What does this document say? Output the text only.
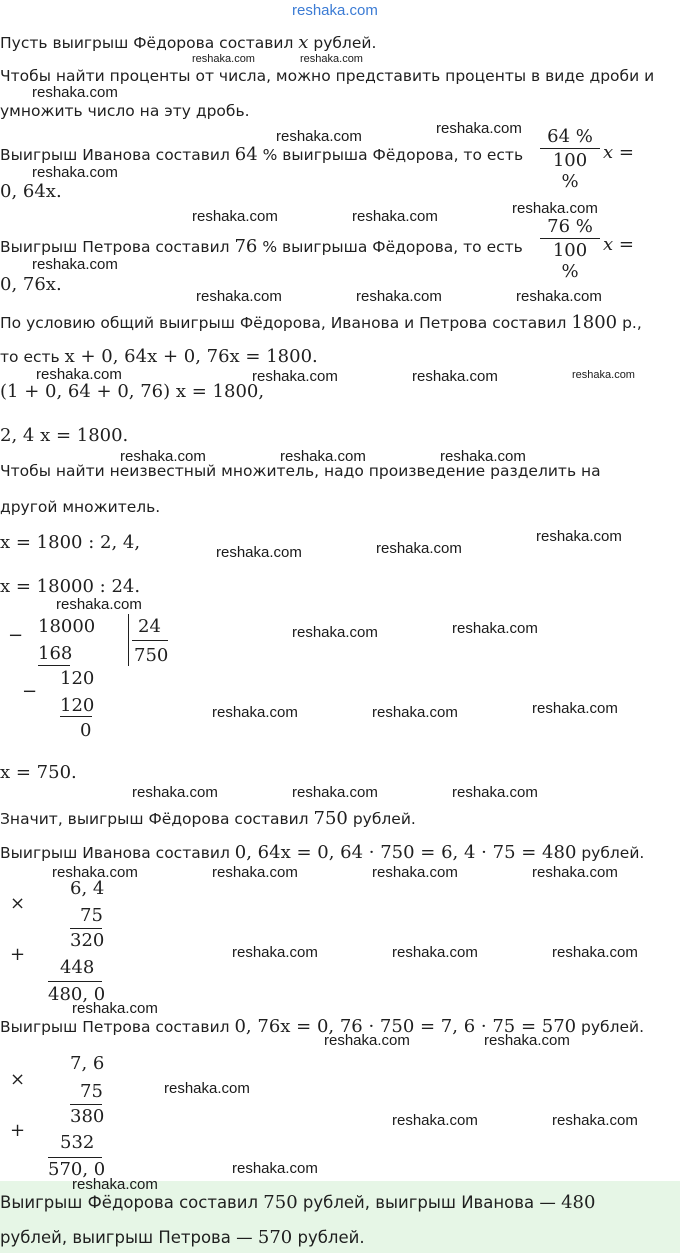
reshaka.com
Пусть выигрыш Фёдорова составил x рублей.
reshaka.com	reshaka.com
Чтобы найти проценты от числа, можно представить проценты в виде дроби и
reshaka.com
умножить число на эту дробь.
reshaka.com	reshaka.com
Выигрыш Иванова составил 64 % выигрыша Фёдорова, то есть
64 %
100 %
x =
reshaka.com
0, 64x.
reshaka.com	reshaka.com	reshaka.com
Выигрыш Петрова составил 76 % выигрыша Фёдорова, то есть
76 %
100 %
x =
reshaka.com
0, 76x.
reshaka.com	reshaka.com	reshaka.com
По условию общий выигрыш Фёдорова, Иванова и Петрова составил 1800 р.,
то есть x + 0, 64x + 0, 76x = 1800.
reshaka.com	reshaka.com	reshaka.com	reshaka.com
(1 + 0, 64 + 0, 76) x = 1800,
2, 4 x = 1800.
reshaka.com	reshaka.com	reshaka.com
Чтобы найти неизвестный множитель, надо произведение разделить на
другой множитель.
reshaka.com
x = 1800 : 2, 4,	reshaka.com	reshaka.com
x = 18000 : 24.
reshaka.com
− 18000 24
168	750
reshaka.com	reshaka.com
−
120
120
0
reshaka.com	reshaka.com	reshaka.com
x = 750.
reshaka.com	reshaka.com	reshaka.com
Значит, выигрыш Фёдорова составил 750 рублей.
Выигрыш Иванова составил 0, 64x = 0, 64 · 750 = 6, 4 · 75 = 480 рублей.
reshaka.com	reshaka.com	reshaka.com	reshaka.com
×
6, 4
75
320
+
448
480, 0
reshaka.com	reshaka.com	reshaka.com
reshaka.com
Выигрыш Петрова составил 0, 76x = 0, 76 · 750 = 7, 6 · 75 = 570 рублей.
reshaka.com	reshaka.com
×
7, 6
75
380
+
532
570, 0
reshaka.com
reshaka.com	reshaka.com
reshaka.com
reshaka.com
Выигрыш Фёдорова составил 750 рублей, выигрыш Иванова — 480
рублей, выигрыш Петрова — 570 рублей.
